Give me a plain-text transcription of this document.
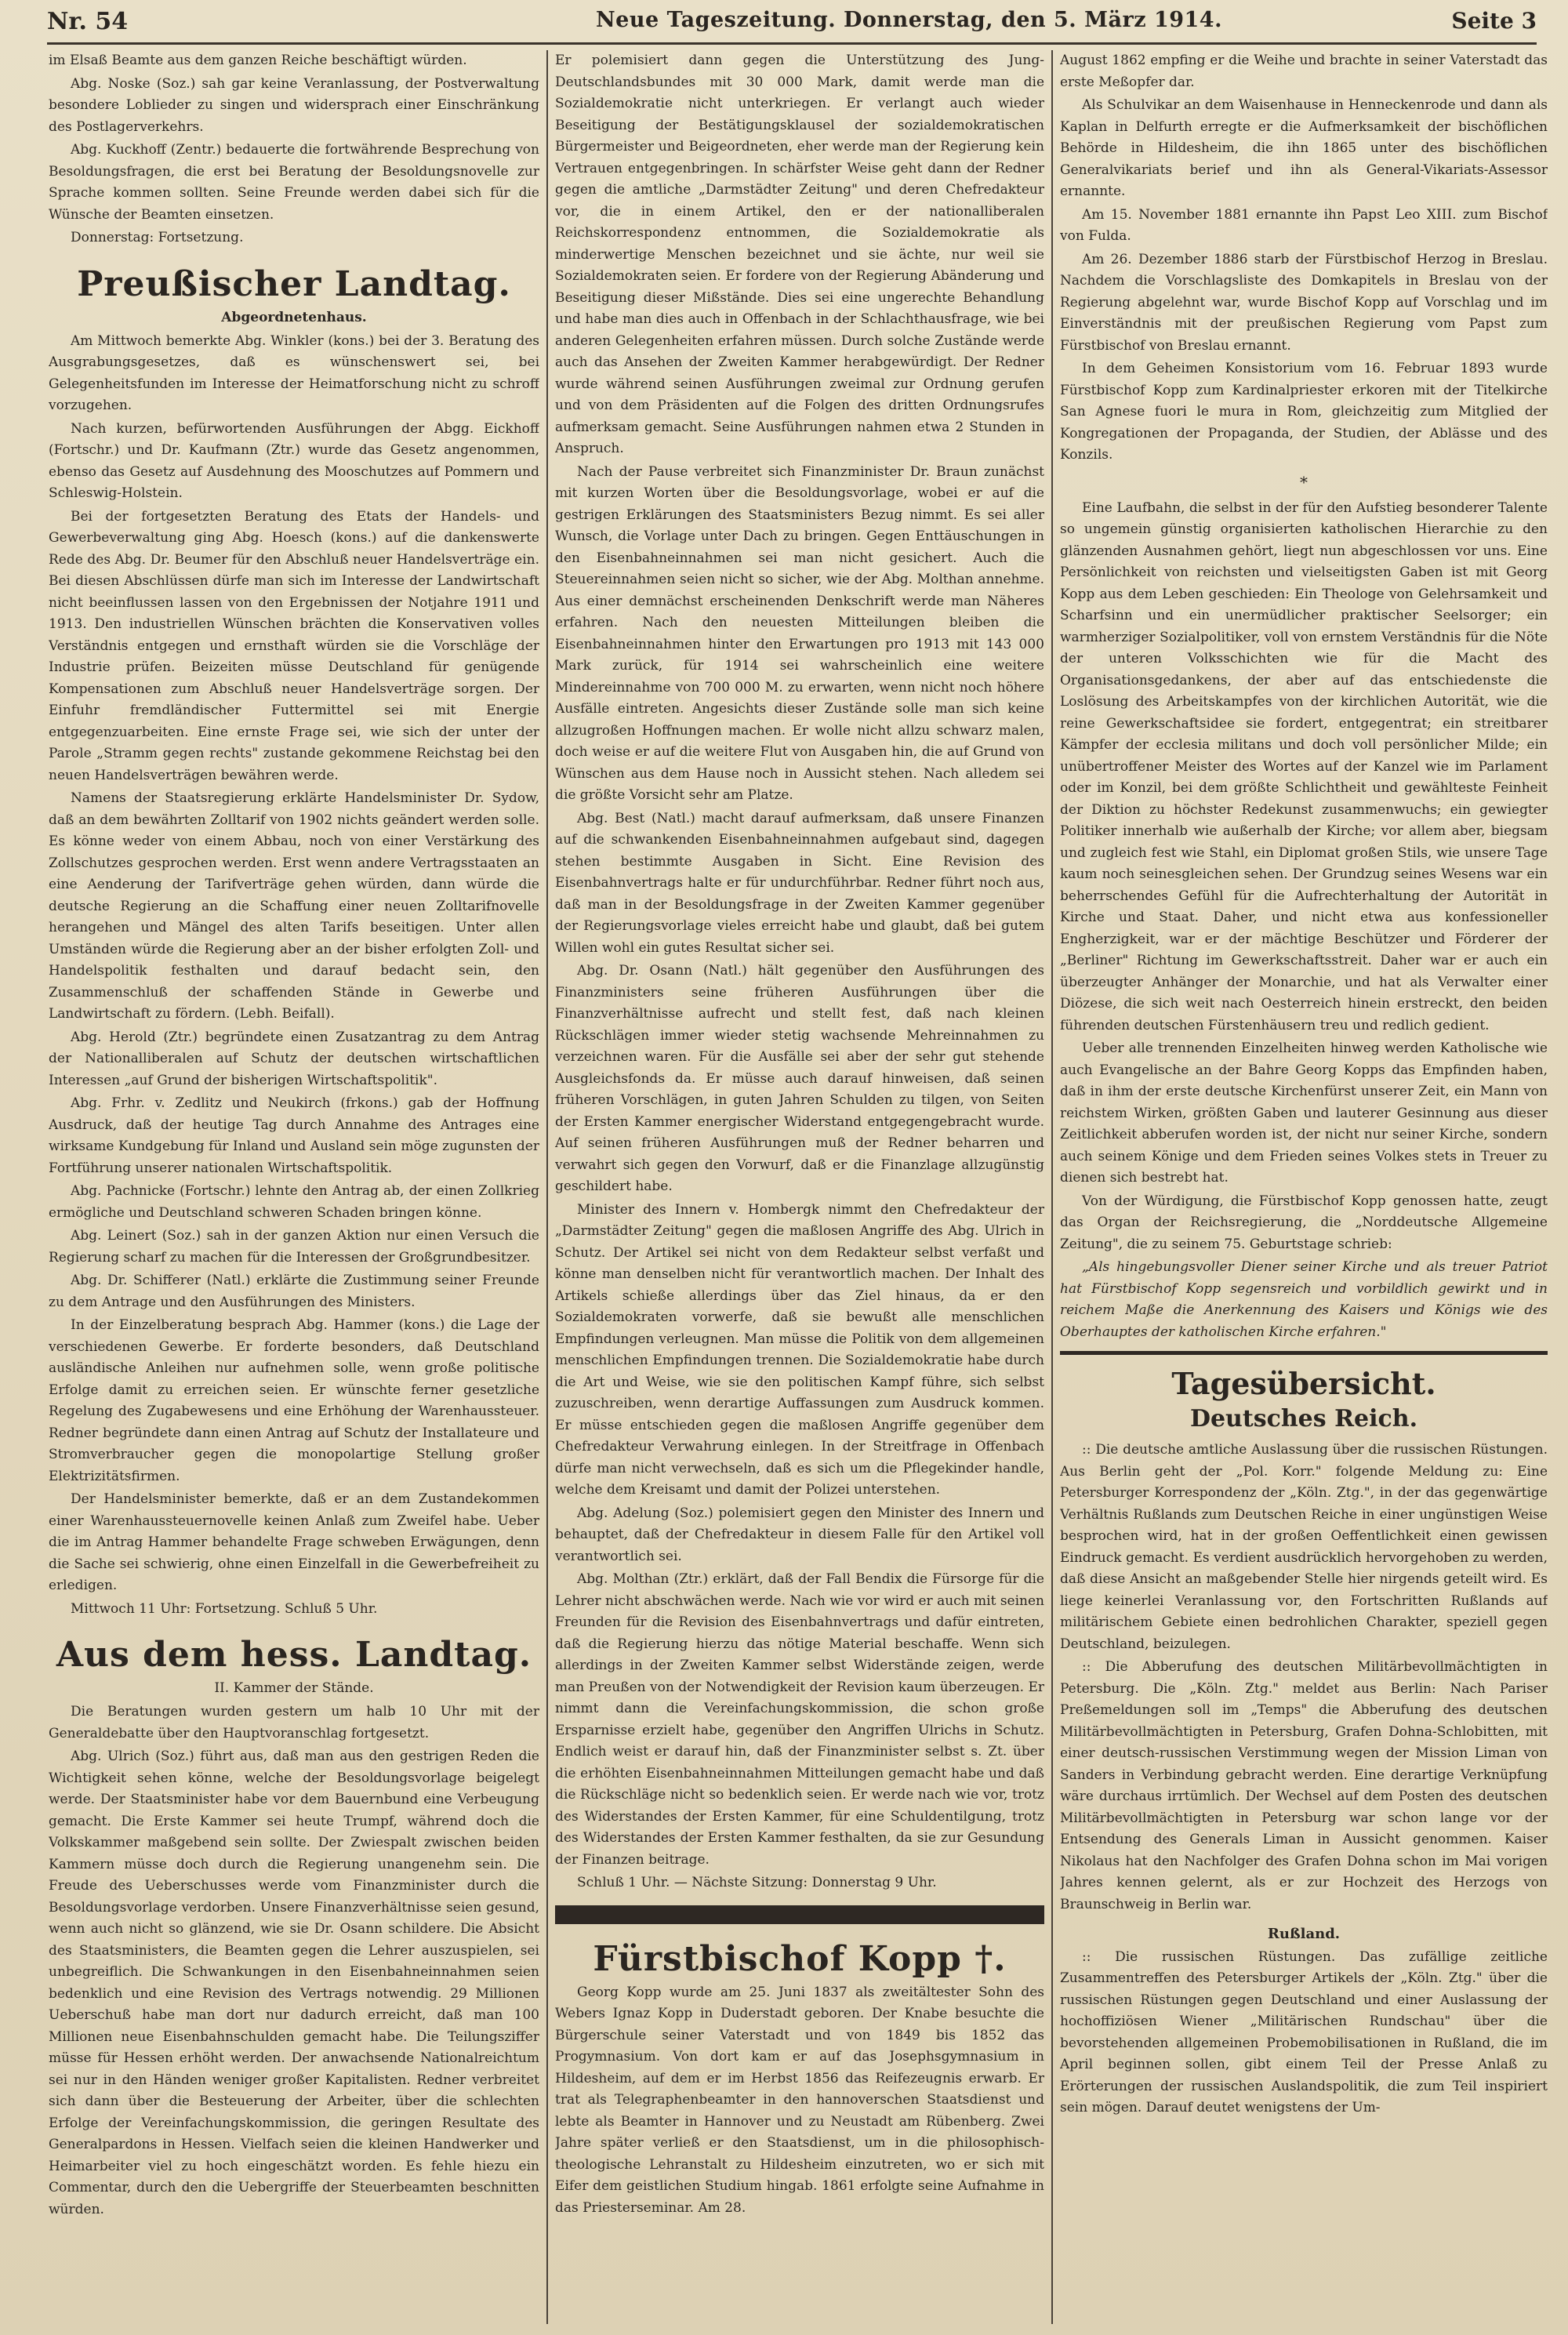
Nr. 54	Neue Tageszeitung. Donnerstag, den 5. März 1914.	Seite 3

im Elsaß Beamte aus dem ganzen Reiche beschäftigt würden.

Abg. Noske (Soz.) sah gar keine Veranlassung, der Postverwaltung besondere Loblieder zu singen und widersprach einer Einschränkung des Postlagerverkehrs.

Abg. Kuckhoff (Zentr.) bedauerte die fortwährende Besprechung von Besoldungsfragen, die erst bei Beratung der Besoldungsnovelle zur Sprache kommen sollten. Seine Freunde werden dabei sich für die Wünsche der Beamten einsetzen.

Donnerstag: Fortsetzung.

Preußischer Landtag.
Abgeordnetenhaus.

Am Mittwoch bemerkte Abg. Winkler (kons.) bei der 3. Beratung des Ausgrabungsgesetzes, daß es wünschenswert sei, bei Gelegenheitsfunden im Interesse der Heimatforschung nicht zu schroff vorzugehen.

Nach kurzen, befürwortenden Ausführungen der Abgg. Eickhoff (Fortschr.) und Dr. Kaufmann (Ztr.) wurde das Gesetz angenommen, ebenso das Gesetz auf Ausdehnung des Mooschutzes auf Pommern und Schleswig-Holstein.

Bei der fortgesetzten Beratung des Etats der Handels- und Gewerbeverwaltung ging Abg. Hoesch (kons.) auf die dankenswerte Rede des Abg. Dr. Beumer für den Abschluß neuer Handelsverträge ein. Bei diesen Abschlüssen dürfe man sich im Interesse der Landwirtschaft nicht beeinflussen lassen von den Ergebnissen der Notjahre 1911 und 1913. Den industriellen Wünschen brächten die Konservativen volles Verständnis entgegen und ernsthaft würden sie die Vorschläge der Industrie prüfen. Beizeiten müsse Deutschland für genügende Kompensationen zum Abschluß neuer Handelsverträge sorgen. Der Einfuhr fremdländischer Futtermittel sei mit Energie entgegenzuarbeiten. Eine ernste Frage sei, wie sich der unter der Parole „Stramm gegen rechts" zustande gekommene Reichstag bei den neuen Handelsverträgen bewähren werde.

Namens der Staatsregierung erklärte Handelsminister Dr. Sydow, daß an dem bewährten Zolltarif von 1902 nichts geändert werden solle. Es könne weder von einem Abbau, noch von einer Verstärkung des Zollschutzes gesprochen werden. Erst wenn andere Vertragsstaaten an eine Aenderung der Tarifverträge gehen würden, dann würde die deutsche Regierung an die Schaffung einer neuen Zolltarifnovelle herangehen und Mängel des alten Tarifs beseitigen. Unter allen Umständen würde die Regierung aber an der bisher erfolgten Zoll- und Handelspolitik festhalten und darauf bedacht sein, den Zusammenschluß der schaffenden Stände in Gewerbe und Landwirtschaft zu fördern. (Lebh. Beifall).

Abg. Herold (Ztr.) begründete einen Zusatzantrag zu dem Antrag der Nationalliberalen auf Schutz der deutschen wirtschaftlichen Interessen „auf Grund der bisherigen Wirtschaftspolitik".

Abg. Frhr. v. Zedlitz und Neukirch (frkons.) gab der Hoffnung Ausdruck, daß der heutige Tag durch Annahme des Antrages eine wirksame Kundgebung für Inland und Ausland sein möge zugunsten der Fortführung unserer nationalen Wirtschaftspolitik.

Abg. Pachnicke (Fortschr.) lehnte den Antrag ab, der einen Zollkrieg ermögliche und Deutschland schweren Schaden bringen könne.

Abg. Leinert (Soz.) sah in der ganzen Aktion nur einen Versuch die Regierung scharf zu machen für die Interessen der Großgrundbesitzer.

Abg. Dr. Schifferer (Natl.) erklärte die Zustimmung seiner Freunde zu dem Antrage und den Ausführungen des Ministers.

In der Einzelberatung besprach Abg. Hammer (kons.) die Lage der verschiedenen Gewerbe. Er forderte besonders, daß Deutschland ausländische Anleihen nur aufnehmen solle, wenn große politische Erfolge damit zu erreichen seien. Er wünschte ferner gesetzliche Regelung des Zugabewesens und eine Erhöhung der Warenhaussteuer. Redner begründete dann einen Antrag auf Schutz der Installateure und Stromverbraucher gegen die monopolartige Stellung großer Elektrizitätsfirmen.

Der Handelsminister bemerkte, daß er an dem Zustandekommen einer Warenhaussteuernovelle keinen Anlaß zum Zweifel habe. Ueber die im Antrag Hammer behandelte Frage schweben Erwägungen, denn die Sache sei schwierig, ohne einen Einzelfall in die Gewerbefreiheit zu erledigen.

Mittwoch 11 Uhr: Fortsetzung. Schluß 5 Uhr.

Aus dem hess. Landtag.
II. Kammer der Stände.

Die Beratungen wurden gestern um halb 10 Uhr mit der Generaldebatte über den Hauptvoranschlag fortgesetzt.

Abg. Ulrich (Soz.) führt aus, daß man aus den gestrigen Reden die Wichtigkeit sehen könne, welche der Besoldungsvorlage beigelegt werde. Der Staatsminister habe vor dem Bauernbund eine Verbeugung gemacht. Die Erste Kammer sei heute Trumpf, während doch die Volkskammer maßgebend sein sollte. Der Zwiespalt zwischen beiden Kammern müsse doch durch die Regierung unangenehm sein. Die Freude des Ueberschusses werde vom Finanzminister durch die Besoldungsvorlage verdorben. Unsere Finanzverhältnisse seien gesund, wenn auch nicht so glänzend, wie sie Dr. Osann schildere. Die Absicht des Staatsministers, die Beamten gegen die Lehrer auszuspielen, sei unbegreiflich. Die Schwankungen in den Eisenbahneinnahmen seien bedenklich und eine Revision des Vertrags notwendig. 29 Millionen Ueberschuß habe man dort nur dadurch erreicht, daß man 100 Millionen neue Eisenbahnschulden gemacht habe. Die Teilungsziffer müsse für Hessen erhöht werden. Der anwachsende Nationalreichtum sei nur in den Händen weniger großer Kapitalisten. Redner verbreitet sich dann über die Besteuerung der Arbeiter, über die schlechten Erfolge der Vereinfachungskommission, die geringen Resultate des Generalpardons in Hessen. Vielfach seien die kleinen Handwerker und Heimarbeiter viel zu hoch eingeschätzt worden. Es fehle hiezu ein Commentar, durch den die Uebergriffe der Steuerbeamten beschnitten würden.

Er polemisiert dann gegen die Unterstützung des Jung-Deutschlandsbundes mit 30 000 Mark, damit werde man die Sozialdemokratie nicht unterkriegen. Er verlangt auch wieder Beseitigung der Bestätigungsklausel der sozialdemokratischen Bürgermeister und Beigeordneten, eher werde man der Regierung kein Vertrauen entgegenbringen. In schärfster Weise geht dann der Redner gegen die amtliche „Darmstädter Zeitung" und deren Chefredakteur vor, die in einem Artikel, den er der nationalliberalen Reichskorrespondenz entnommen, die Sozialdemokratie als minderwertige Menschen bezeichnet und sie ächte, nur weil sie Sozialdemokraten seien. Er fordere von der Regierung Abänderung und Beseitigung dieser Mißstände. Dies sei eine ungerechte Behandlung und habe man dies auch in Offenbach in der Schlachthausfrage, wie bei anderen Gelegenheiten erfahren müssen. Durch solche Zustände werde auch das Ansehen der Zweiten Kammer herabgewürdigt. Der Redner wurde während seinen Ausführungen zweimal zur Ordnung gerufen und von dem Präsidenten auf die Folgen des dritten Ordnungsrufes aufmerksam gemacht. Seine Ausführungen nahmen etwa 2 Stunden in Anspruch.

Nach der Pause verbreitet sich Finanzminister Dr. Braun zunächst mit kurzen Worten über die Besoldungsvorlage, wobei er auf die gestrigen Erklärungen des Staatsministers Bezug nimmt. Es sei aller Wunsch, die Vorlage unter Dach zu bringen. Gegen Enttäuschungen in den Eisenbahneinnahmen sei man nicht gesichert. Auch die Steuereinnahmen seien nicht so sicher, wie der Abg. Molthan annehme. Aus einer demnächst erscheinenden Denkschrift werde man Näheres erfahren. Nach den neuesten Mitteilungen bleiben die Eisenbahneinnahmen hinter den Erwartungen pro 1913 mit 143 000 Mark zurück, für 1914 sei wahrscheinlich eine weitere Mindereinnahme von 700 000 M. zu erwarten, wenn nicht noch höhere Ausfälle eintreten. Angesichts dieser Zustände solle man sich keine allzugroßen Hoffnungen machen. Er wolle nicht allzu schwarz malen, doch weise er auf die weitere Flut von Ausgaben hin, die auf Grund von Wünschen aus dem Hause noch in Aussicht stehen. Nach alledem sei die größte Vorsicht sehr am Platze.

Abg. Best (Natl.) macht darauf aufmerksam, daß unsere Finanzen auf die schwankenden Eisenbahneinnahmen aufgebaut sind, dagegen stehen bestimmte Ausgaben in Sicht. Eine Revision des Eisenbahnvertrags halte er für undurchführbar. Redner führt noch aus, daß man in der Besoldungsfrage in der Zweiten Kammer gegenüber der Regierungsvorlage vieles erreicht habe und glaubt, daß bei gutem Willen wohl ein gutes Resultat sicher sei.

Abg. Dr. Osann (Natl.) hält gegenüber den Ausführungen des Finanzministers seine früheren Ausführungen über die Finanzverhältnisse aufrecht und stellt fest, daß nach kleinen Rückschlägen immer wieder stetig wachsende Mehreinnahmen zu verzeichnen waren. Für die Ausfälle sei aber der sehr gut stehende Ausgleichsfonds da. Er müsse auch darauf hinweisen, daß seinen früheren Vorschlägen, in guten Jahren Schulden zu tilgen, von Seiten der Ersten Kammer energischer Widerstand entgegengebracht wurde. Auf seinen früheren Ausführungen muß der Redner beharren und verwahrt sich gegen den Vorwurf, daß er die Finanzlage allzugünstig geschildert habe.

Minister des Innern v. Hombergk nimmt den Chefredakteur der „Darmstädter Zeitung" gegen die maßlosen Angriffe des Abg. Ulrich in Schutz. Der Artikel sei nicht von dem Redakteur selbst verfaßt und könne man denselben nicht für verantwortlich machen. Der Inhalt des Artikels schieße allerdings über das Ziel hinaus, da er den Sozialdemokraten vorwerfe, daß sie bewußt alle menschlichen Empfindungen verleugnen. Man müsse die Politik von dem allgemeinen menschlichen Empfindungen trennen. Die Sozialdemokratie habe durch die Art und Weise, wie sie den politischen Kampf führe, sich selbst zuzuschreiben, wenn derartige Auffassungen zum Ausdruck kommen. Er müsse entschieden gegen die maßlosen Angriffe gegenüber dem Chefredakteur Verwahrung einlegen. In der Streitfrage in Offenbach dürfe man nicht verwechseln, daß es sich um die Pflegekinder handle, welche dem Kreisamt und damit der Polizei unterstehen.

Abg. Adelung (Soz.) polemisiert gegen den Minister des Innern und behauptet, daß der Chefredakteur in diesem Falle für den Artikel voll verantwortlich sei.

Abg. Molthan (Ztr.) erklärt, daß der Fall Bendix die Fürsorge für die Lehrer nicht abschwächen werde. Nach wie vor wird er auch mit seinen Freunden für die Revision des Eisenbahnvertrags und dafür eintreten, daß die Regierung hierzu das nötige Material beschaffe. Wenn sich allerdings in der Zweiten Kammer selbst Widerstände zeigen, werde man Preußen von der Notwendigkeit der Revision kaum überzeugen. Er nimmt dann die Vereinfachungskommission, die schon große Ersparnisse erzielt habe, gegenüber den Angriffen Ulrichs in Schutz. Endlich weist er darauf hin, daß der Finanzminister selbst s. Zt. über die erhöhten Eisenbahneinnahmen Mitteilungen gemacht habe und daß die Rückschläge nicht so bedenklich seien. Er werde nach wie vor, trotz des Widerstandes der Ersten Kammer, für eine Schuldentilgung, trotz des Widerstandes der Ersten Kammer festhalten, da sie zur Gesundung der Finanzen beitrage.

Schluß 1 Uhr. — Nächste Sitzung: Donnerstag 9 Uhr.

Fürstbischof Kopp †.

Georg Kopp wurde am 25. Juni 1837 als zweitältester Sohn des Webers Ignaz Kopp in Duderstadt geboren. Der Knabe besuchte die Bürgerschule seiner Vaterstadt und von 1849 bis 1852 das Progymnasium. Von dort kam er auf das Josephsgymnasium in Hildesheim, auf dem er im Herbst 1856 das Reifezeugnis erwarb. Er trat als Telegraphenbeamter in den hannoverschen Staatsdienst und lebte als Beamter in Hannover und zu Neustadt am Rübenberg. Zwei Jahre später verließ er den Staatsdienst, um in die philosophisch-theologische Lehranstalt zu Hildesheim einzutreten, wo er sich mit Eifer dem geistlichen Studium hingab. 1861 erfolgte seine Aufnahme in das Priesterseminar. Am 28.

August 1862 empfing er die Weihe und brachte in seiner Vaterstadt das erste Meßopfer dar.

Als Schulvikar an dem Waisenhause in Henneckenrode und dann als Kaplan in Delfurth erregte er die Aufmerksamkeit der bischöflichen Behörde in Hildesheim, die ihn 1865 unter des bischöflichen Generalvikariats berief und ihn als General-Vikariats-Assessor ernannte.

Am 15. November 1881 ernannte ihn Papst Leo XIII. zum Bischof von Fulda.

Am 26. Dezember 1886 starb der Fürstbischof Herzog in Breslau. Nachdem die Vorschlagsliste des Domkapitels in Breslau von der Regierung abgelehnt war, wurde Bischof Kopp auf Vorschlag und im Einverständnis mit der preußischen Regierung vom Papst zum Fürstbischof von Breslau ernannt.

In dem Geheimen Konsistorium vom 16. Februar 1893 wurde Fürstbischof Kopp zum Kardinalpriester erkoren mit der Titelkirche San Agnese fuori le mura in Rom, gleichzeitig zum Mitglied der Kongregationen der Propaganda, der Studien, der Ablässe und des Konzils.

*

Eine Laufbahn, die selbst in der für den Aufstieg besonderer Talente so ungemein günstig organisierten katholischen Hierarchie zu den glänzenden Ausnahmen gehört, liegt nun abgeschlossen vor uns. Eine Persönlichkeit von reichsten und vielseitigsten Gaben ist mit Georg Kopp aus dem Leben geschieden: Ein Theologe von Gelehrsamkeit und Scharfsinn und ein unermüdlicher praktischer Seelsorger; ein warmherziger Sozialpolitiker, voll von ernstem Verständnis für die Nöte der unteren Volksschichten wie für die Macht des Organisationsgedankens, der aber auf das entschiedenste die Loslösung des Arbeitskampfes von der kirchlichen Autorität, wie die reine Gewerkschaftsidee sie fordert, entgegentrat; ein streitbarer Kämpfer der ecclesia militans und doch voll persönlicher Milde; ein unübertroffener Meister des Wortes auf der Kanzel wie im Parlament oder im Konzil, bei dem größte Schlichtheit und gewählteste Feinheit der Diktion zu höchster Redekunst zusammenwuchs; ein gewiegter Politiker innerhalb wie außerhalb der Kirche; vor allem aber, biegsam und zugleich fest wie Stahl, ein Diplomat großen Stils, wie unsere Tage kaum noch seinesgleichen sehen. Der Grundzug seines Wesens war ein beherrschendes Gefühl für die Aufrechterhaltung der Autorität in Kirche und Staat. Daher, und nicht etwa aus konfessioneller Engherzigkeit, war er der mächtige Beschützer und Förderer der „Berliner" Richtung im Gewerkschaftsstreit. Daher war er auch ein überzeugter Anhänger der Monarchie, und hat als Verwalter einer Diözese, die sich weit nach Oesterreich hinein erstreckt, den beiden führenden deutschen Fürstenhäusern treu und redlich gedient.

Ueber alle trennenden Einzelheiten hinweg werden Katholische wie auch Evangelische an der Bahre Georg Kopps das Empfinden haben, daß in ihm der erste deutsche Kirchenfürst unserer Zeit, ein Mann von reichstem Wirken, größten Gaben und lauterer Gesinnung aus dieser Zeitlichkeit abberufen worden ist, der nicht nur seiner Kirche, sondern auch seinem Könige und dem Frieden seines Volkes stets in Treuer zu dienen sich bestrebt hat.

Von der Würdigung, die Fürstbischof Kopp genossen hatte, zeugt das Organ der Reichsregierung, die „Norddeutsche Allgemeine Zeitung", die zu seinem 75. Geburtstage schrieb:

„Als hingebungsvoller Diener seiner Kirche und als treuer Patriot hat Fürstbischof Kopp segensreich und vorbildlich gewirkt und in reichem Maße die Anerkennung des Kaisers und Königs wie des Oberhauptes der katholischen Kirche erfahren."

Tagesübersicht.
Deutsches Reich.

:: Die deutsche amtliche Auslassung über die russischen Rüstungen. Aus Berlin geht der „Pol. Korr." folgende Meldung zu: Eine Petersburger Korrespondenz der „Köln. Ztg.", in der das gegenwärtige Verhältnis Rußlands zum Deutschen Reiche in einer ungünstigen Weise besprochen wird, hat in der großen Oeffentlichkeit einen gewissen Eindruck gemacht. Es verdient ausdrücklich hervorgehoben zu werden, daß diese Ansicht an maßgebender Stelle hier nirgends geteilt wird. Es liege keinerlei Veranlassung vor, den Fortschritten Rußlands auf militärischem Gebiete einen bedrohlichen Charakter, speziell gegen Deutschland, beizulegen.

:: Die Abberufung des deutschen Militärbevollmächtigten in Petersburg. Die „Köln. Ztg." meldet aus Berlin: Nach Pariser Preßemeldungen soll im „Temps" die Abberufung des deutschen Militärbevollmächtigten in Petersburg, Grafen Dohna-Schlobitten, mit einer deutsch-russischen Verstimmung wegen der Mission Liman von Sanders in Verbindung gebracht werden. Eine derartige Verknüpfung wäre durchaus irrtümlich. Der Wechsel auf dem Posten des deutschen Militärbevollmächtigten in Petersburg war schon lange vor der Entsendung des Generals Liman in Aussicht genommen. Kaiser Nikolaus hat den Nachfolger des Grafen Dohna schon im Mai vorigen Jahres kennen gelernt, als er zur Hochzeit des Herzogs von Braunschweig in Berlin war.

Rußland.

:: Die russischen Rüstungen. Das zufällige zeitliche Zusammentreffen des Petersburger Artikels der „Köln. Ztg." über die russischen Rüstungen gegen Deutschland und einer Auslassung der hochoffiziösen Wiener „Militärischen Rundschau" über die bevorstehenden allgemeinen Probemobilisationen in Rußland, die im April beginnen sollen, gibt einem Teil der Presse Anlaß zu Erörterungen der russischen Auslandspolitik, die zum Teil inspiriert sein mögen. Darauf deutet wenigstens der Um-
